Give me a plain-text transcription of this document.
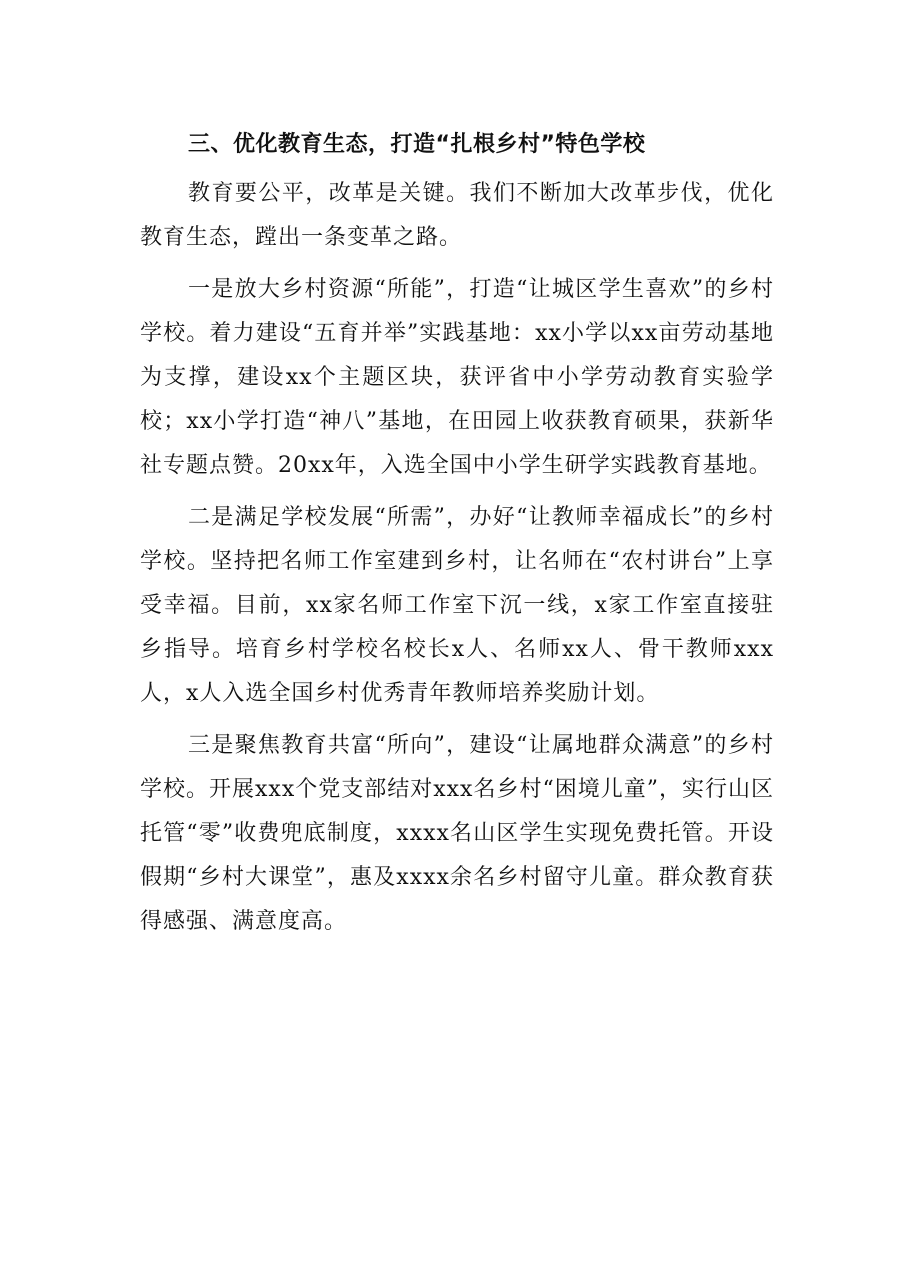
三、优化教育生态，打造“扎根乡村”特色学校

教育要公平，改革是关键。我们不断加大改革步伐，优化教育生态，蹚出一条变革之路。

一是放大乡村资源“所能”，打造“让城区学生喜欢”的乡村学校。着力建设“五育并举”实践基地：xx小学以xx亩劳动基地为支撑，建设xx个主题区块，获评省中小学劳动教育实验学校；xx小学打造“神八”基地，在田园上收获教育硕果，获新华社专题点赞。20xx年，入选全国中小学生研学实践教育基地。

二是满足学校发展“所需”，办好“让教师幸福成长”的乡村学校。坚持把名师工作室建到乡村，让名师在“农村讲台”上享受幸福。目前，xx家名师工作室下沉一线，x家工作室直接驻乡指导。培育乡村学校名校长x人、名师xx人、骨干教师xxx人，x人入选全国乡村优秀青年教师培养奖励计划。

三是聚焦教育共富“所向”，建设“让属地群众满意”的乡村学校。开展xxx个党支部结对xxx名乡村“困境儿童”，实行山区托管“零”收费兜底制度，xxxx名山区学生实现免费托管。开设假期“乡村大课堂”，惠及xxxx余名乡村留守儿童。群众教育获得感强、满意度高。
